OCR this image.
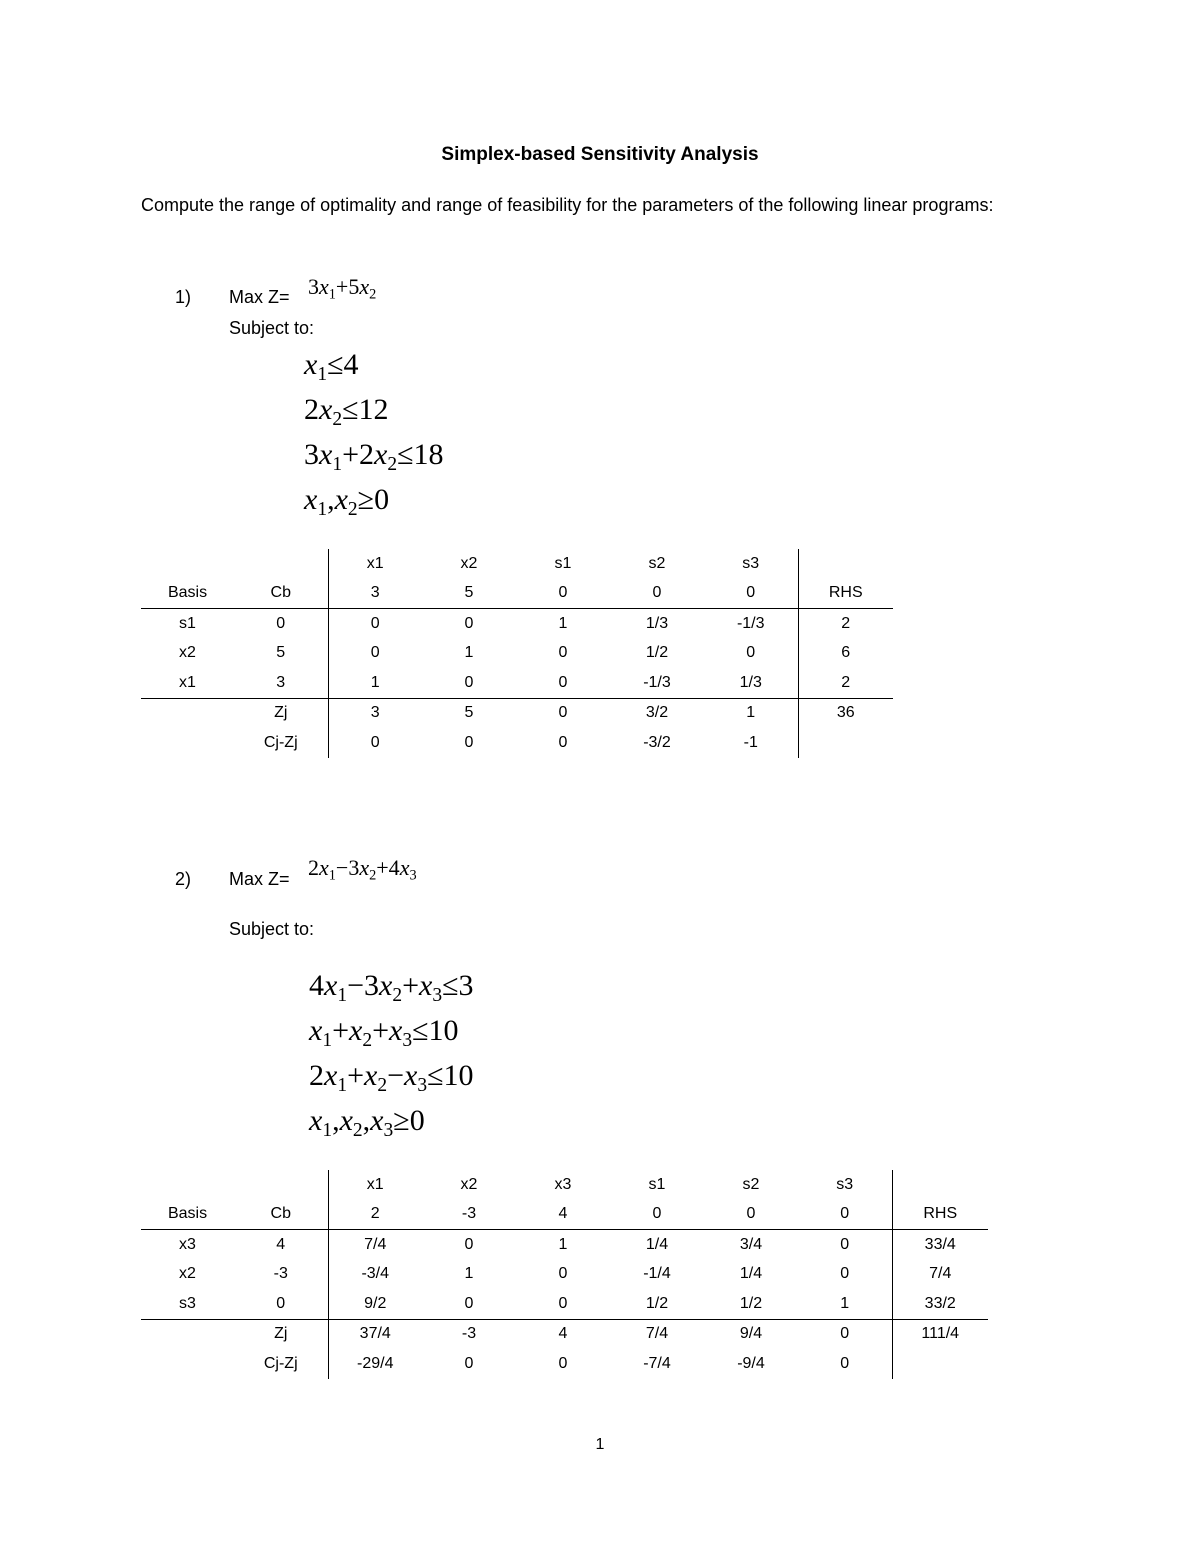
Simplex-based Sensitivity Analysis
Compute the range of optimality and range of feasibility for the parameters of the following linear programs:
1) Max $Z= 3x_1+5x_2$
Subject to:
$x_1\le 4$
$2x_2\le 12$
$3x_1+2x_2\le 18$
$x_1,x_2\ge 0$
		x1	x2	s1	s2	s3	
Basis	Cb	3	5	0	0	0	RHS
s1	0	0	0	1	1/3	-1/3	2
x2	5	0	1	0	1/2	0	6
x1	3	1	0	0	-1/3	1/3	2
	Zj	3	5	0	3/2	1	36
	Cj-Zj	0	0	0	-3/2	-1	
2) Max $Z= 2x_1-3x_2+4x_3$
Subject to:
$4x_1-3x_2+x_3\le 3$
$x_1+x_2+x_3\le 10$
$2x_1+x_2-x_3\le 10$
$x_1,x_2,x_3\ge 0$
		x1	x2	x3	s1	s2	s3	
Basis	Cb	2	-3	4	0	0	0	RHS
x3	4	7/4	0	1	1/4	3/4	0	33/4
x2	-3	-3/4	1	0	-1/4	1/4	0	7/4
s3	0	9/2	0	0	1/2	1/2	1	33/2
	Zj	37/4	-3	4	7/4	9/4	0	111/4
	Cj-Zj	-29/4	0	0	-7/4	-9/4	0	
1
